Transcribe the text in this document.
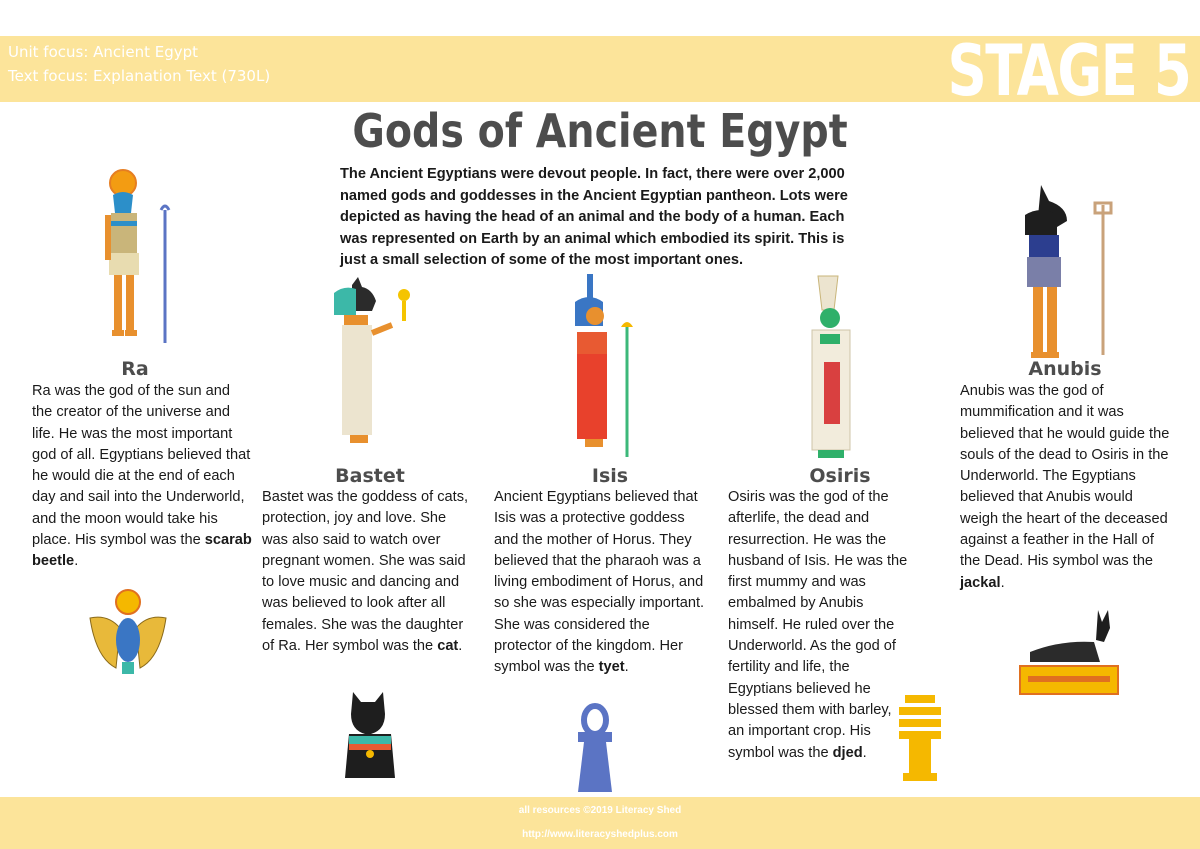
Unit focus: Ancient Egypt
Text focus: Explanation Text (730L)	STAGE 5
Gods of Ancient Egypt
The Ancient Egyptians were devout people. In fact, there were over 2,000 named gods and goddesses in the Ancient Egyptian pantheon. Lots were depicted as having the head of an animal and the body of a human. Each was represented on Earth by an animal which embodied its spirit. This is just a small selection of some of the most important ones.
Ra
Bastet	Isis	Osiris
Anubis
Ra was the god of the sun and the creator of the universe and life. He was the most important god of all. Egyptians believed that he would die at the end of each day and sail into the Underworld, and the moon would take his place. His symbol was the scarab beetle.
Bastet was the goddess of cats, protection, joy and love. She was also said to watch over pregnant women. She was said to love music and dancing and was believed to look after all females. She was the daughter of Ra. Her symbol was the cat.
Ancient Egyptians believed that Isis was a protective goddess and the mother of Horus. They believed that the pharaoh was a living embodiment of Horus, and so she was especially important. She was considered the protector of the kingdom. Her symbol was the tyet.
Osiris was the god of the afterlife, the dead and resurrection. He was the husband of Isis. He was the first mummy and was embalmed by Anubis himself. He ruled over the Underworld. As the god of fertility and life, the Egyptians believed he blessed them with barley, an important crop. His symbol was the djed.
Anubis was the god of mummification and it was believed that he would guide the souls of the dead to Osiris in the Underworld. The Egyptians believed that Anubis would weigh the heart of the deceased against a feather in the Hall of the Dead. His symbol was the jackal.
all resources ©2019 Literacy Shed
http://www.literacyshedplus.com
